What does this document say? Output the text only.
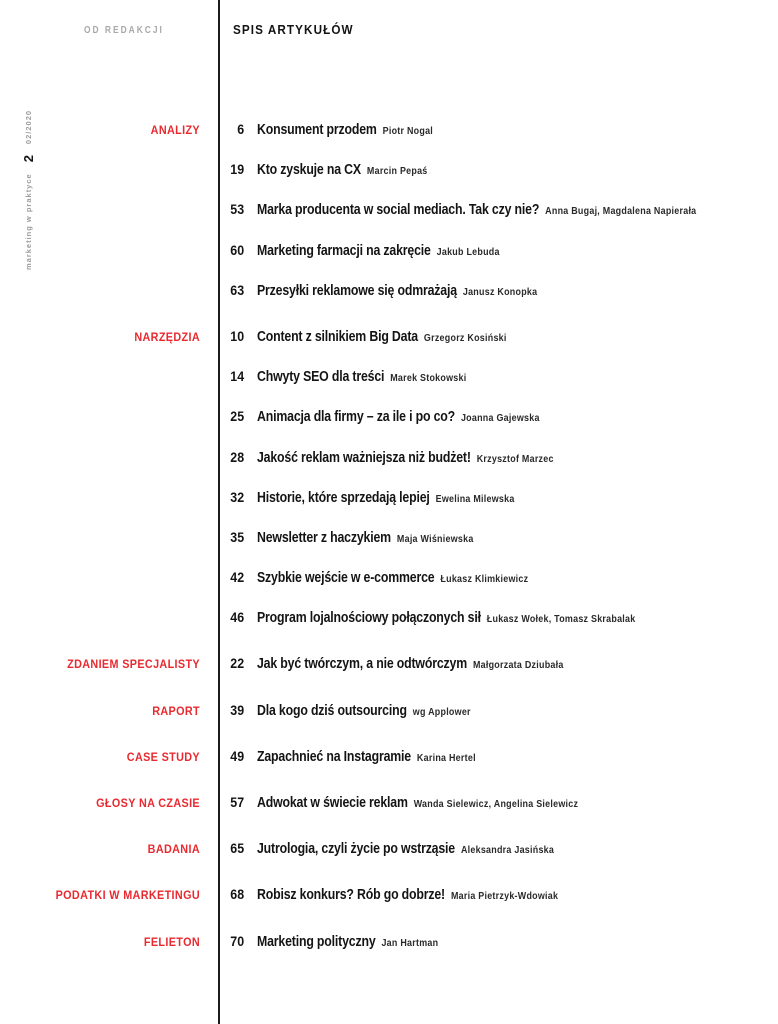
OD REDAKCJI	SPIS ARTYKUŁÓW
marketing w praktyce
2
02/2020	ANALIZY	6 Konsument przodem Piotr Nogal
19 Kto zyskuje na CX Marcin Pepaś
53 Marka producenta w social mediach. Tak czy nie? Anna Bugaj, Magdalena Napierała
60 Marketing farmacji na zakręcie Jakub Lebuda
63 Przesyłki reklamowe się odmrażają Janusz Konopka
NARZĘDZIA	10 Content z silnikiem Big Data Grzegorz Kosiński
14 Chwyty SEO dla treści Marek Stokowski
25 Animacja dla firmy – za ile i po co? Joanna Gajewska
28 Jakość reklam ważniejsza niż budżet! Krzysztof Marzec
32 Historie, które sprzedają lepiej Ewelina Milewska
35 Newsletter z haczykiem Maja Wiśniewska
42 Szybkie wejście w e-commerce Łukasz Klimkiewicz
46 Program lojalnościowy połączonych sił Łukasz Wołek, Tomasz Skrabalak
ZDANIEM SPECJALISTY	22 Jak być twórczym, a nie odtwórczym Małgorzata Dziubała
RAPORT	39 Dla kogo dziś outsourcing wg Applower
CASE STUDY	49 Zapachnieć na Instagramie Karina Hertel
GŁOSY NA CZASIE	57 Adwokat w świecie reklam Wanda Sielewicz, Angelina Sielewicz
BADANIA	65 Jutrologia, czyli życie po wstrząsie Aleksandra Jasińska
PODATKI W MARKETINGU	68 Robisz konkurs? Rób go dobrze! Maria Pietrzyk-Wdowiak
FELIETON	70 Marketing polityczny Jan Hartman
